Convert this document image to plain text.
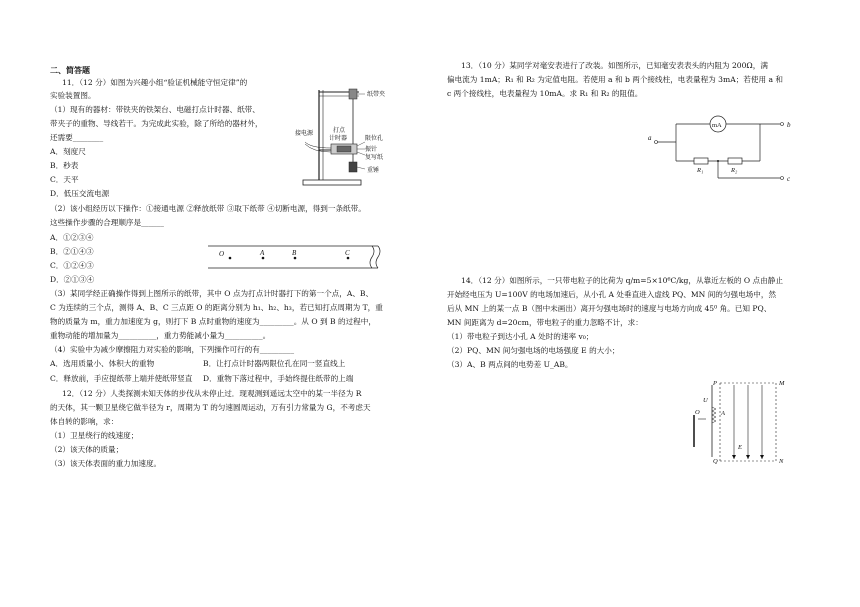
二、简答题
11．（12 分）如图为兴趣小组“验证机械能守恒定律”的
实验装置图。
（1）现有的器材：带铁夹的铁架台、电磁打点计时器、纸带、
带夹子的重物、导线若干。为完成此实验，除了所给的器材外，
还需要________
A．刻度尺
B．秒表
C．天平
D．低压交流电源
（2）该小组经历以下操作：①接通电源 ②释放纸带 ③取下纸带 ④切断电源，得到一条纸带。
这些操作步骤的合理顺序是______
A．①②③④
B．②①④③
C．①②④③
D．②①③④
（3）某同学经正确操作得到上图所示的纸带，其中 O 点为打点计时器打下的第一个点，A、B、
C 为连续的三个点，测得 A、B、C 三点距 O 的距离分别为 h₁、h₂、h₃，若已知打点周期为 T，重
物的质量为 m，重力加速度为 g，则打下 B 点时重物的速度为_________。从 O 到 B 的过程中，
重物动能的增加量为__________，重力势能减小量为__________。
（4）实验中为减少摩擦阻力对实验的影响，下列操作可行的有_________
A．选用质量小、体积大的重物	B．让打点计时器两限位孔在同一竖直线上
C．释放前，手应提纸带上端并使纸带竖直 D．重物下落过程中，手始终提住纸带的上端
12．（12 分）人类探测未知天体的步伐从未停止过．现观测到遥远太空中的某一半径为 R
的天体，其一颗卫星绕它做半径为 r，周期为 T 的匀速圆周运动，万有引力常量为 G，不考虑天
体自转的影响，求：
（1）卫星绕行的线速度；
（2）该天体的质量；
（3）该天体表面的重力加速度。
纸带夹
接电源	打点
计时器	限位孔
振针
复写纸
重锤
O	A	B	C
13．（10 分）某同学对毫安表进行了改装。如图所示，已知毫安表表头的内阻为 200Ω，满
偏电流为 1mA；R₁ 和 R₂ 为定值电阻。若使用 a 和 b 两个接线柱，电表量程为 3mA；若使用 a 和
c 两个接线柱，电表量程为 10mA。求 R₁ 和 R₂ 的阻值。
14．（12 分）如图所示，一只带电粒子的比荷为 q/m=5×10⁶C/kg，从靠近左板的 O 点由静止
开始经电压为 U=100V 的电场加速后，从小孔 A 处垂直进入虚线 PQ、MN 间的匀强电场中，然
后从 MN 上的某一点 B（图中未画出）离开匀强电场时的速度与电场方向成 45⁰ 角。已知 PQ、
MN 间距离为 d=20cm，带电粒子的重力忽略不计，求：
（1）带电粒子到达小孔 A 处时的速率 v₀；
（2）PQ、MN 间匀强电场的电场强度 E 的大小；
（3）A、B 两点间的电势差 U_AB。
mA
a
b
c
R₁	R₂
P	M
U
O	A
E
Q	N
